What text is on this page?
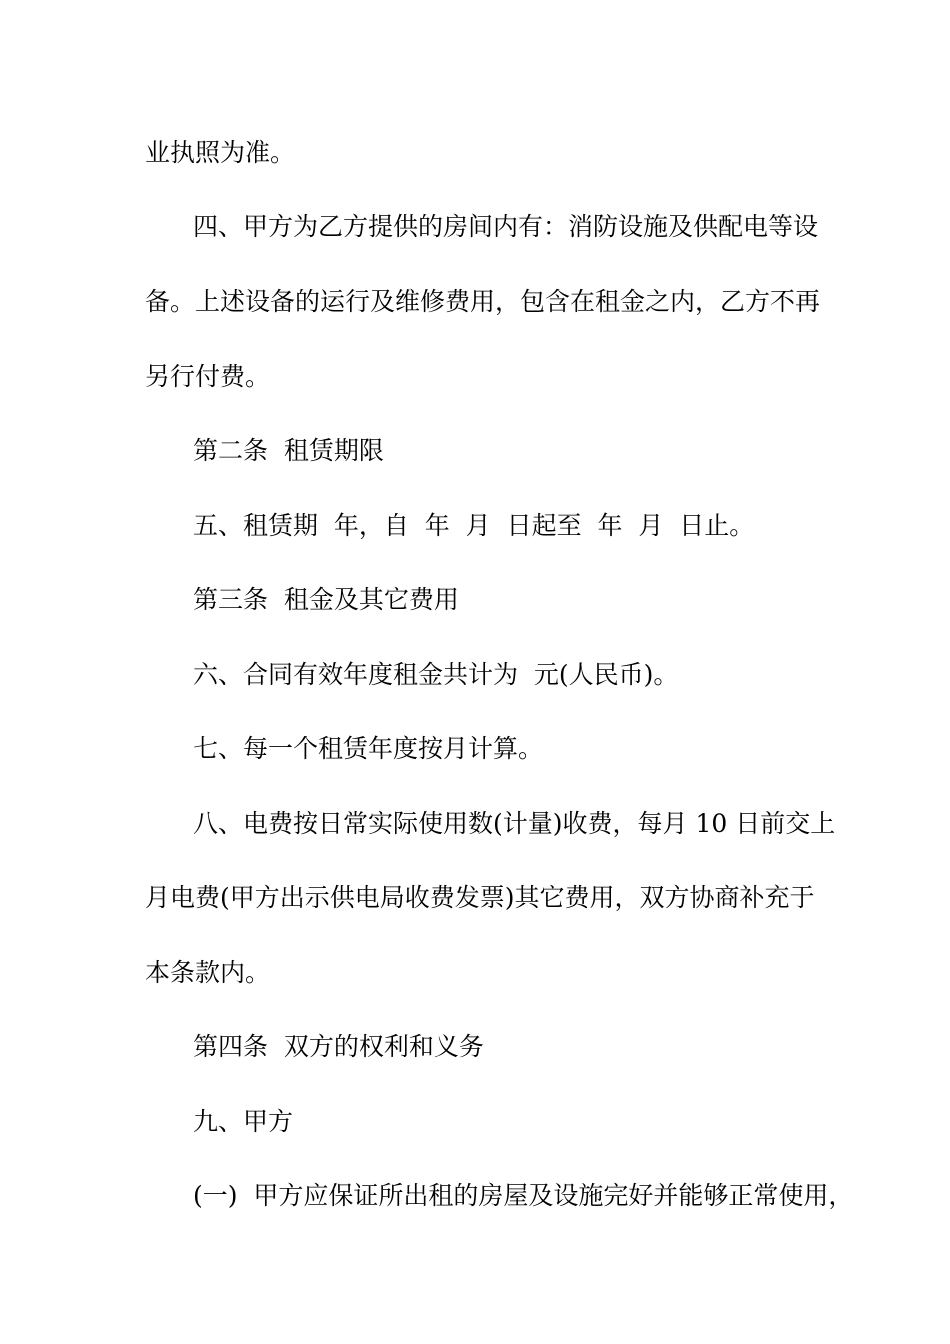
业执照为准。
四、甲方为乙方提供的房间内有：消防设施及供配电等设
备。上述设备的运行及维修费用，包含在租金之内，乙方不再
另行付费。
第二条  租赁期限
五、租赁期  年，自  年  月  日起至  年  月  日止。
第三条  租金及其它费用
六、合同有效年度租金共计为  元(人民币)。
七、每一个租赁年度按月计算。
八、电费按日常实际使用数(计量)收费，每月 10 日前交上
月电费(甲方出示供电局收费发票)其它费用，双方协商补充于
本条款内。
第四条  双方的权利和义务
九、甲方
(一)  甲方应保证所出租的房屋及设施完好并能够正常使用，
